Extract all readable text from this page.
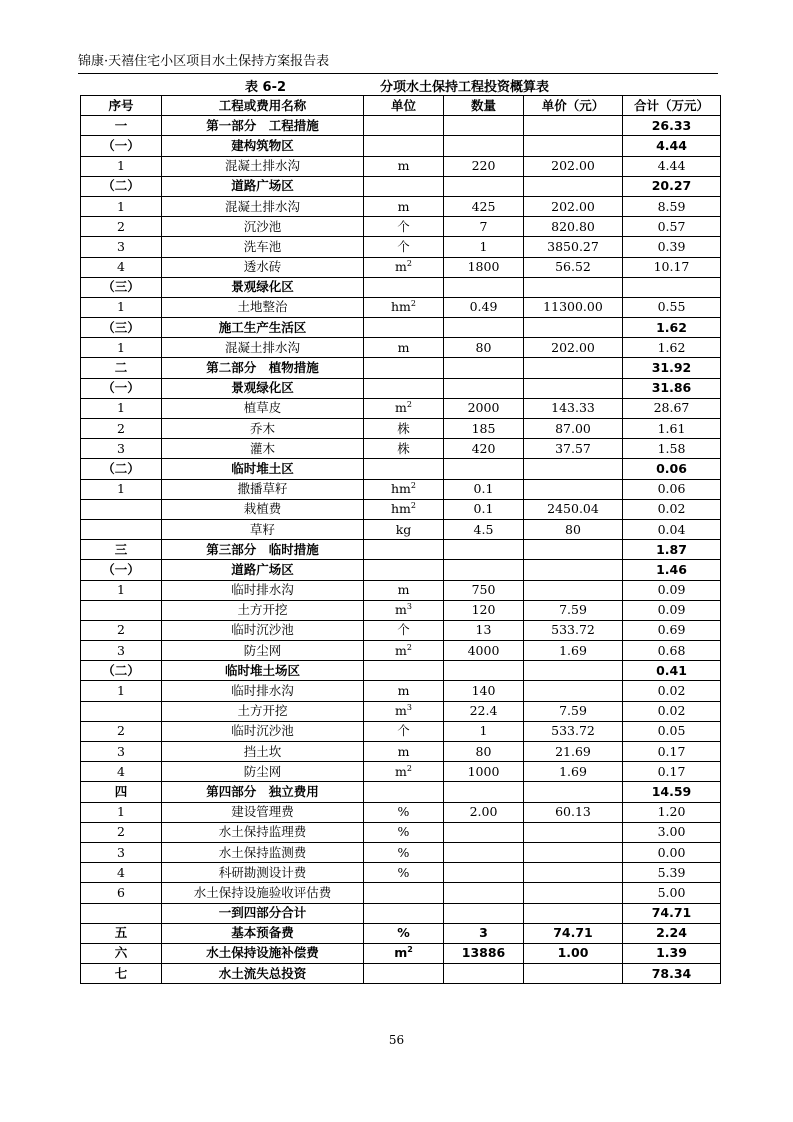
锦康·天禧住宅小区项目水土保持方案报告表
表 6-2	分项水土保持工程投资概算表
序号	工程或费用名称	单位	数量	单价（元）	合计（万元）
一	第一部分　工程措施				26.33
（一）	建构筑物区				4.44
1	混凝土排水沟	m	220	202.00	4.44
（二）	道路广场区				20.27
1	混凝土排水沟	m	425	202.00	8.59
2	沉沙池	个	7	820.80	0.57
3	洗车池	个	1	3850.27	0.39
4	透水砖	$m^2$	1800	56.52	10.17
（三）	景观绿化区				
1	土地整治	$hm^2$	0.49	11300.00	0.55
（三）	施工生产生活区				1.62
1	混凝土排水沟	m	80	202.00	1.62
二	第二部分　植物措施				31.92
（一）	景观绿化区				31.86
1	植草皮	$m^2$	2000	143.33	28.67
2	乔木	株	185	87.00	1.61
3	灌木	株	420	37.57	1.58
（二）	临时堆土区				0.06
1	撒播草籽	$hm^2$	0.1		0.06
	栽植费	$hm^2$	0.1	2450.04	0.02
	草籽	kg	4.5	80	0.04
三	第三部分　临时措施				1.87
（一）	道路广场区				1.46
1	临时排水沟	m	750		0.09
	土方开挖	$m^3$	120	7.59	0.09
2	临时沉沙池	个	13	533.72	0.69
3	防尘网	$m^2$	4000	1.69	0.68
（二）	临时堆土场区				0.41
1	临时排水沟	m	140		0.02
	土方开挖	$m^3$	22.4	7.59	0.02
2	临时沉沙池	个	1	533.72	0.05
3	挡土坎	m	80	21.69	0.17
4	防尘网	$m^2$	1000	1.69	0.17
四	第四部分　独立费用				14.59
1	建设管理费	%	2.00	60.13	1.20
2	水土保持监理费	%			3.00
3	水土保持监测费	%			0.00
4	科研勘测设计费	%			5.39
6	水土保持设施验收评估费				5.00
	一到四部分合计				74.71
五	基本预备费	%	3	74.71	2.24
六	水土保持设施补偿费	$m^2$	13886	1.00	1.39
七	水土流失总投资				78.34
56
